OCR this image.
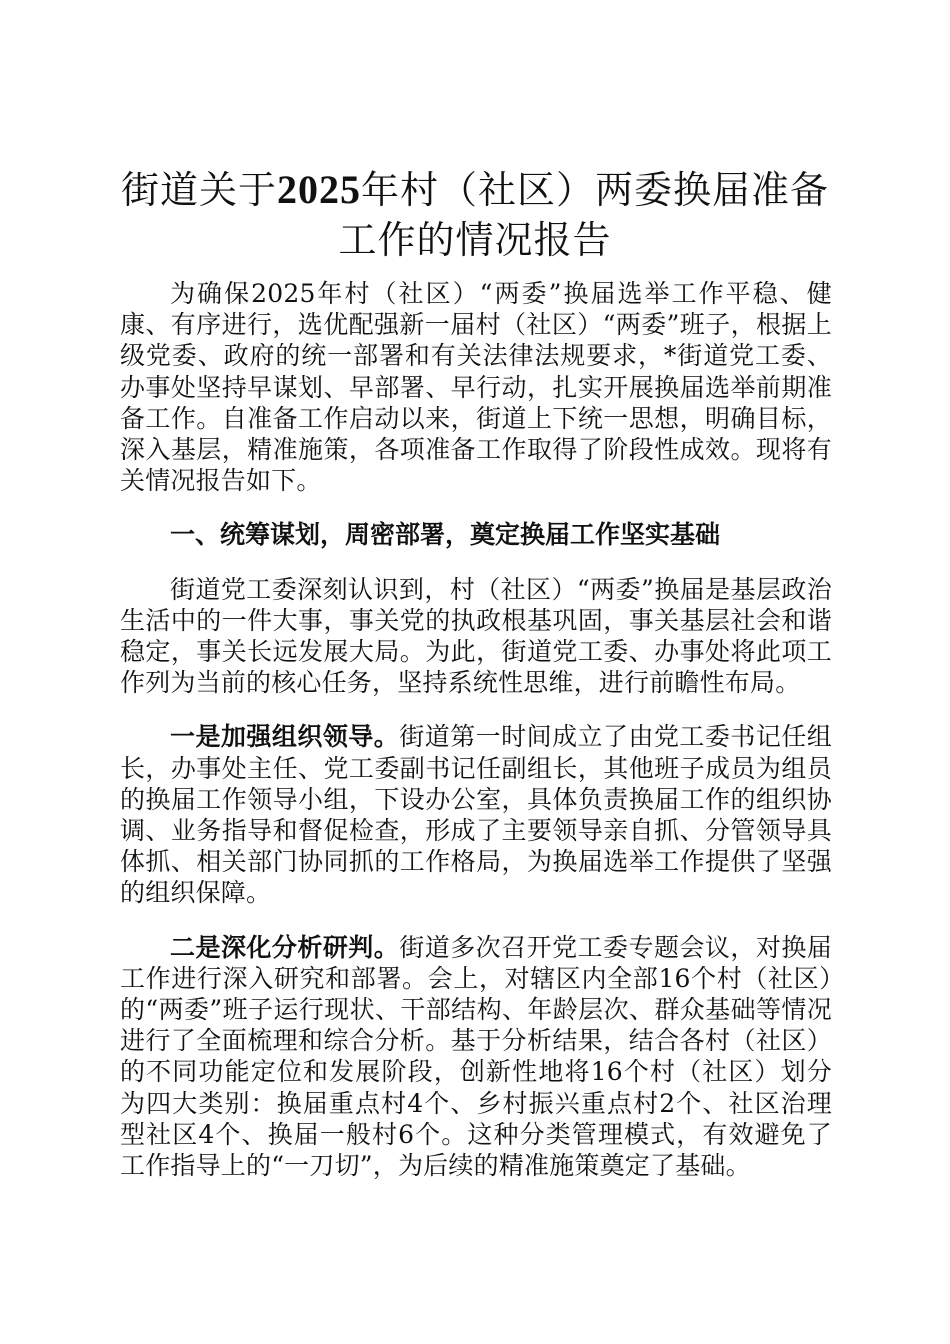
街道关于2025年村（社区）两委换届准备工作的情况报告

为确保2025年村（社区）“两委”换届选举工作平稳、健康、有序进行，选优配强新一届村（社区）“两委”班子，根据上级党委、政府的统一部署和有关法律法规要求，*街道党工委、办事处坚持早谋划、早部署、早行动，扎实开展换届选举前期准备工作。自准备工作启动以来，街道上下统一思想，明确目标，深入基层，精准施策，各项准备工作取得了阶段性成效。现将有关情况报告如下。

一、统筹谋划，周密部署，奠定换届工作坚实基础

街道党工委深刻认识到，村（社区）“两委”换届是基层政治生活中的一件大事，事关党的执政根基巩固，事关基层社会和谐稳定，事关长远发展大局。为此，街道党工委、办事处将此项工作列为当前的核心任务，坚持系统性思维，进行前瞻性布局。

一是加强组织领导。街道第一时间成立了由党工委书记任组长，办事处主任、党工委副书记任副组长，其他班子成员为组员的换届工作领导小组，下设办公室，具体负责换届工作的组织协调、业务指导和督促检查，形成了主要领导亲自抓、分管领导具体抓、相关部门协同抓的工作格局，为换届选举工作提供了坚强的组织保障。

二是深化分析研判。街道多次召开党工委专题会议，对换届工作进行深入研究和部署。会上，对辖区内全部16个村（社区）的“两委”班子运行现状、干部结构、年龄层次、群众基础等情况进行了全面梳理和综合分析。基于分析结果，结合各村（社区）的不同功能定位和发展阶段，创新性地将16个村（社区）划分为四大类别：换届重点村4个、乡村振兴重点村2个、社区治理型社区4个、换届一般村6个。这种分类管理模式，有效避免了工作指导上的“一刀切”，为后续的精准施策奠定了基础。
